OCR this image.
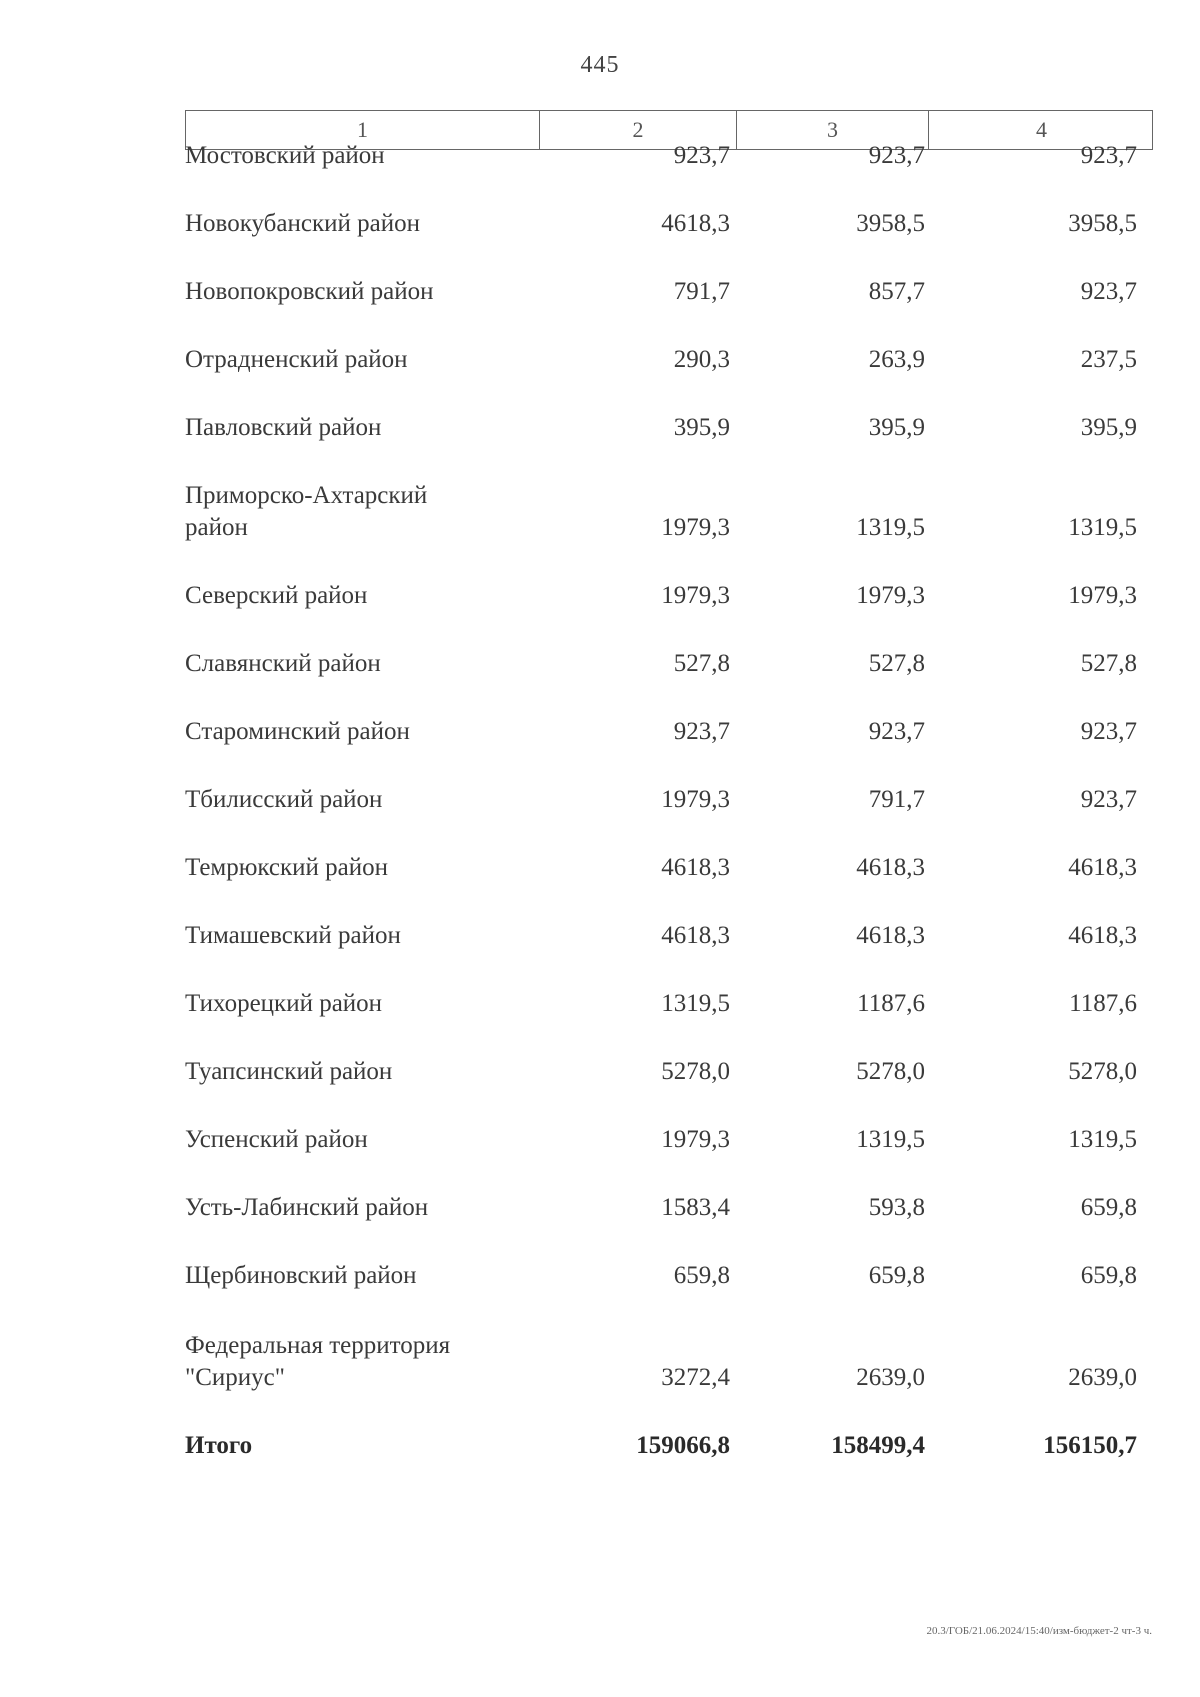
445
1	2	3	4
Мостовский район	923,7	923,7	923,7
Новокубанский район	4618,3	3958,5	3958,5
Новопокровский район	791,7	857,7	923,7
Отрадненский район	290,3	263,9	237,5
Павловский район	395,9	395,9	395,9
Приморско-Ахтарский район	1979,3	1319,5	1319,5
Северский район	1979,3	1979,3	1979,3
Славянский район	527,8	527,8	527,8
Староминский район	923,7	923,7	923,7
Тбилисский район	1979,3	791,7	923,7
Темрюкский район	4618,3	4618,3	4618,3
Тимашевский район	4618,3	4618,3	4618,3
Тихорецкий район	1319,5	1187,6	1187,6
Туапсинский район	5278,0	5278,0	5278,0
Успенский район	1979,3	1319,5	1319,5
Усть-Лабинский район	1583,4	593,8	659,8
Щербиновский район	659,8	659,8	659,8
Федеральная территория "Сириус"	3272,4	2639,0	2639,0
Итого	159066,8	158499,4	156150,7
20.3/ГОБ/21.06.2024/15:40/изм-бюджет-2 чт-3 ч.
